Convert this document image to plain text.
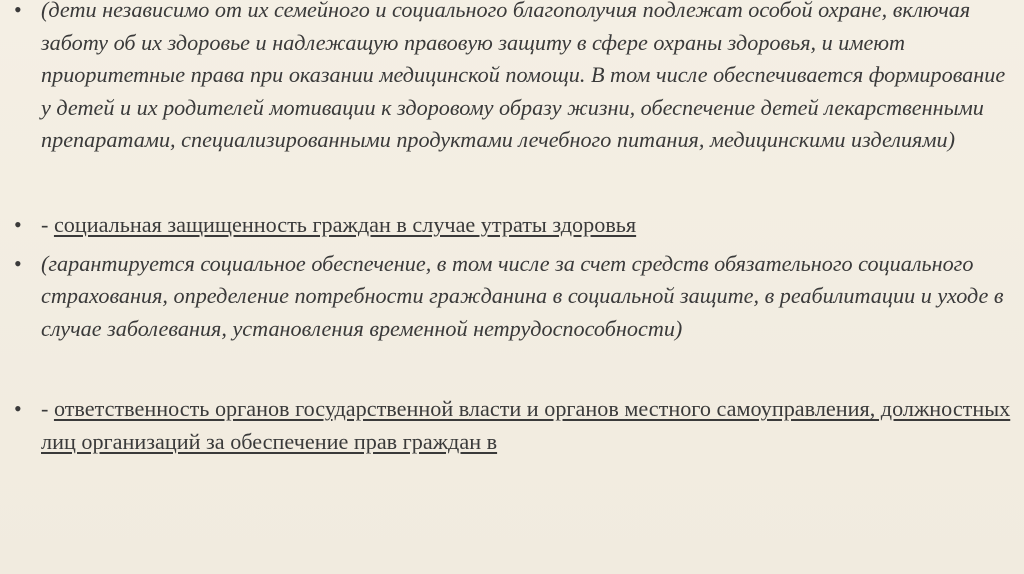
• (дети независимо от их семейного и социального благополучия подлежат особой охране, включая заботу об их здоровье и надлежащую правовую защиту в сфере охраны здоровья, и имеют приоритетные права при оказании медицинской помощи. В том числе обеспечивается формирование у детей и их родителей мотивации к здоровому образу жизни, обеспечение детей лекарственными препаратами, специализированными продуктами лечебного питания, медицинскими изделиями)
• - социальная защищенность граждан в случае утраты здоровья
• (гарантируется социальное обеспечение, в том числе за счет средств обязательного социального страхования, определение потребности гражданина в социальной защите, в реабилитации и уходе в случае заболевания, установления временной нетрудоспособности)
• - ответственность органов государственной власти и органов местного самоуправления, должностных лиц организаций за обеспечение прав граждан в
